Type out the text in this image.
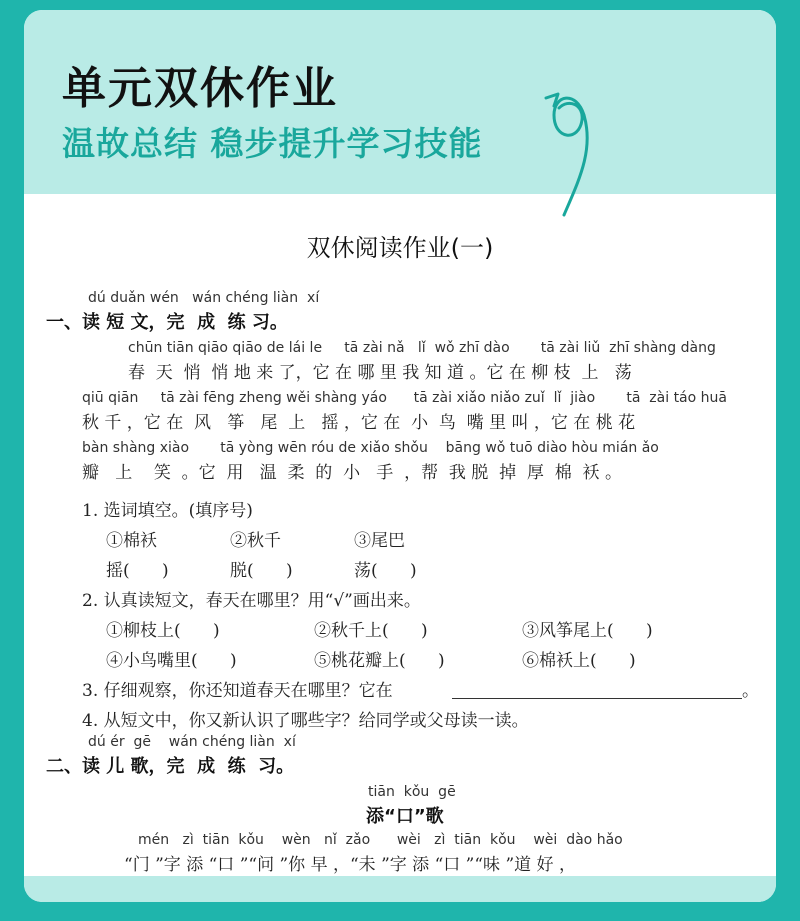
单元双休作业
温故总结 稳步提升学习技能
双休阅读作业(一)
dú duǎn wén   wán chéng liàn  xí
一、读 短 文，完  成  练 习。
chūn tiān qiāo qiāo de lái le     tā zài nǎ   lǐ  wǒ zhī dào       tā zài liǔ  zhī shàng dàng
春  天  悄  悄 地 来 了，它 在 哪 里 我 知 道 。它 在 柳 枝  上   荡
qiū qiān     tā zài fēng zheng wěi shàng yáo      tā zài xiǎo niǎo zuǐ  lǐ  jiào       tā  zài táo huā
秋 千 ，它 在  风   筝   尾  上   摇 ，它 在  小  鸟  嘴 里 叫 ，它 在 桃 花
bàn shàng xiào       tā yòng wēn róu de xiǎo shǒu    bāng wǒ tuō diào hòu mián ǎo
瓣   上    笑  。它  用   温  柔  的  小   手  ，帮  我 脱  掉  厚  棉  袄 。
1. 选词填空。(填序号)
①棉袄	②秋千	③尾巴
摇(      )	脱(      )	荡(      )
2. 认真读短文，春天在哪里？用“√”画出来。
①柳枝上(      )	②秋千上(      )	③风筝尾上(      )
④小鸟嘴里(      )	⑤桃花瓣上(      )	⑥棉袄上(      )
3. 仔细观察，你还知道春天在哪里？它在	。
4. 从短文中，你又新认识了哪些字？给同学或父母读一读。
dú ér  gē    wán chéng liàn  xí
二、读 儿 歌，完  成  练  习。
tiān  kǒu  gē
添“口”歌
mén   zì  tiān  kǒu    wèn   nǐ  zǎo      wèi   zì  tiān  kǒu    wèi  dào hǎo
“门 ”字 添 “口 ”“问 ”你 早 ，“未 ”字 添 “口 ”“味 ”道 好 ，
